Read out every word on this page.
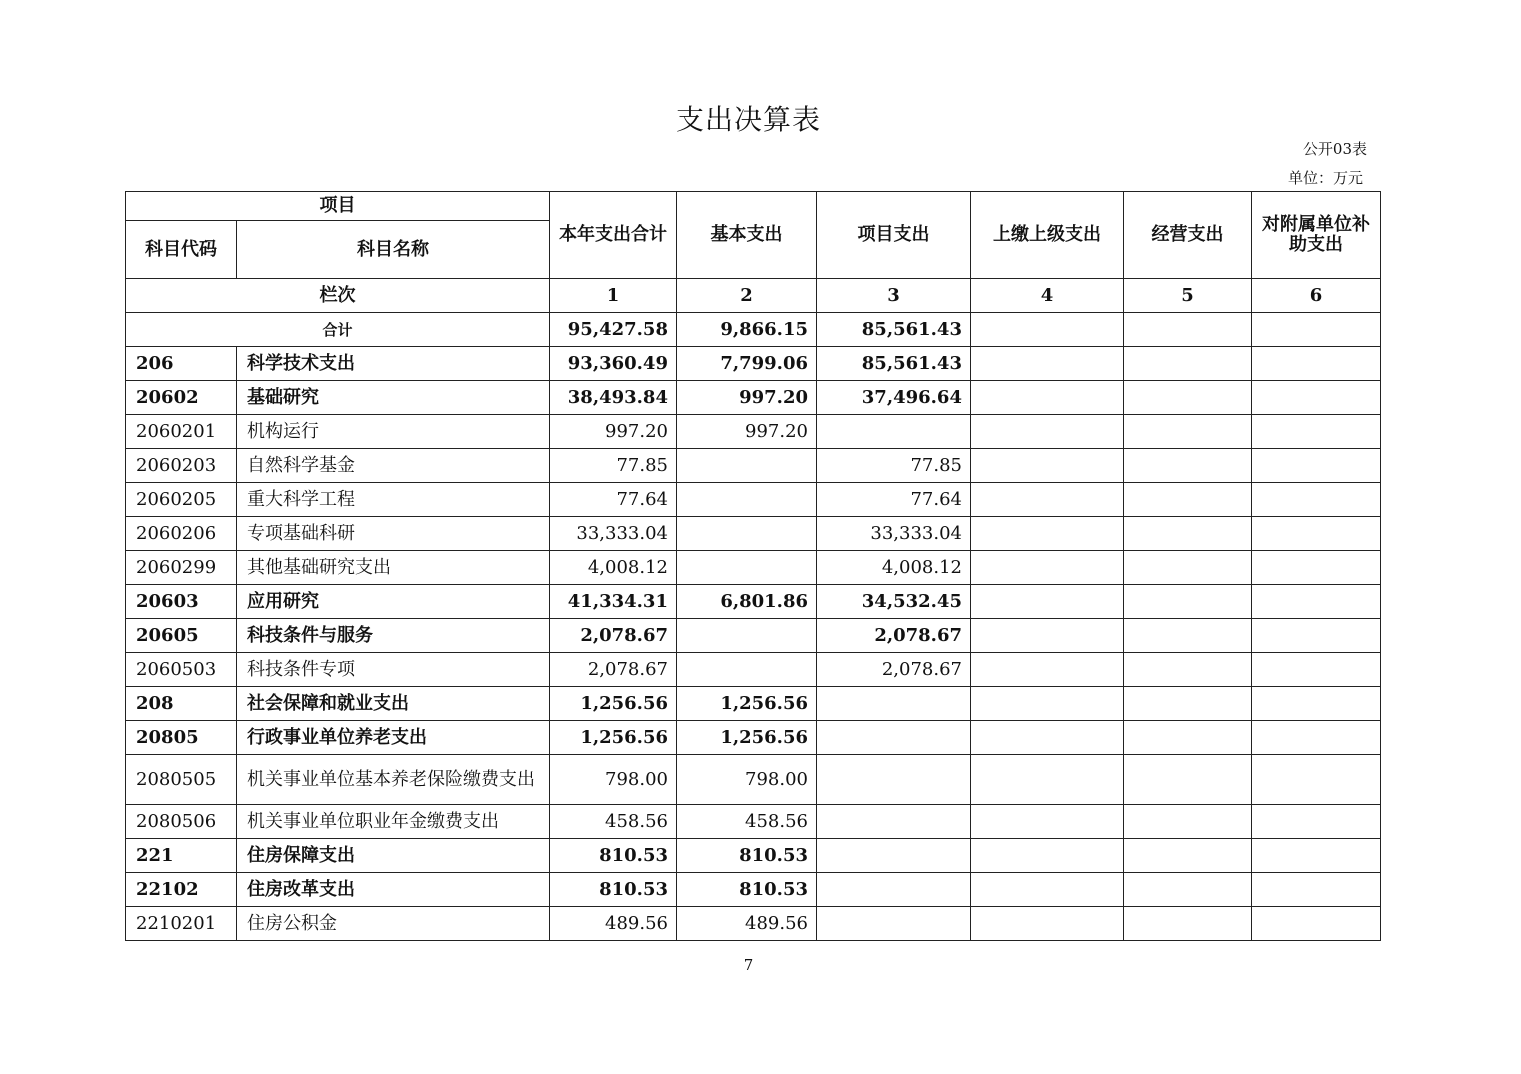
支出决算表
公开03表
单位：万元
项目		本年支出合计	基本支出	项目支出	上缴上级支出	经营支出	对附属单位补助支出
科目代码	科目名称						
栏次		1	2	3	4	5	6
合计		95,427.58	9,866.15	85,561.43			
206	科学技术支出	93,360.49	7,799.06	85,561.43			
20602	基础研究	38,493.84	997.20	37,496.64			
2060201	机构运行	997.20	997.20				
2060203	自然科学基金	77.85		77.85			
2060205	重大科学工程	77.64		77.64			
2060206	专项基础科研	33,333.04		33,333.04			
2060299	其他基础研究支出	4,008.12		4,008.12			
20603	应用研究	41,334.31	6,801.86	34,532.45			
20605	科技条件与服务	2,078.67		2,078.67			
2060503	科技条件专项	2,078.67		2,078.67			
208	社会保障和就业支出	1,256.56	1,256.56				
20805	行政事业单位养老支出	1,256.56	1,256.56				
2080505	机关事业单位基本养老保险缴费支出	798.00	798.00				
2080506	机关事业单位职业年金缴费支出	458.56	458.56				
221	住房保障支出	810.53	810.53				
22102	住房改革支出	810.53	810.53				
2210201	住房公积金	489.56	489.56				
7
